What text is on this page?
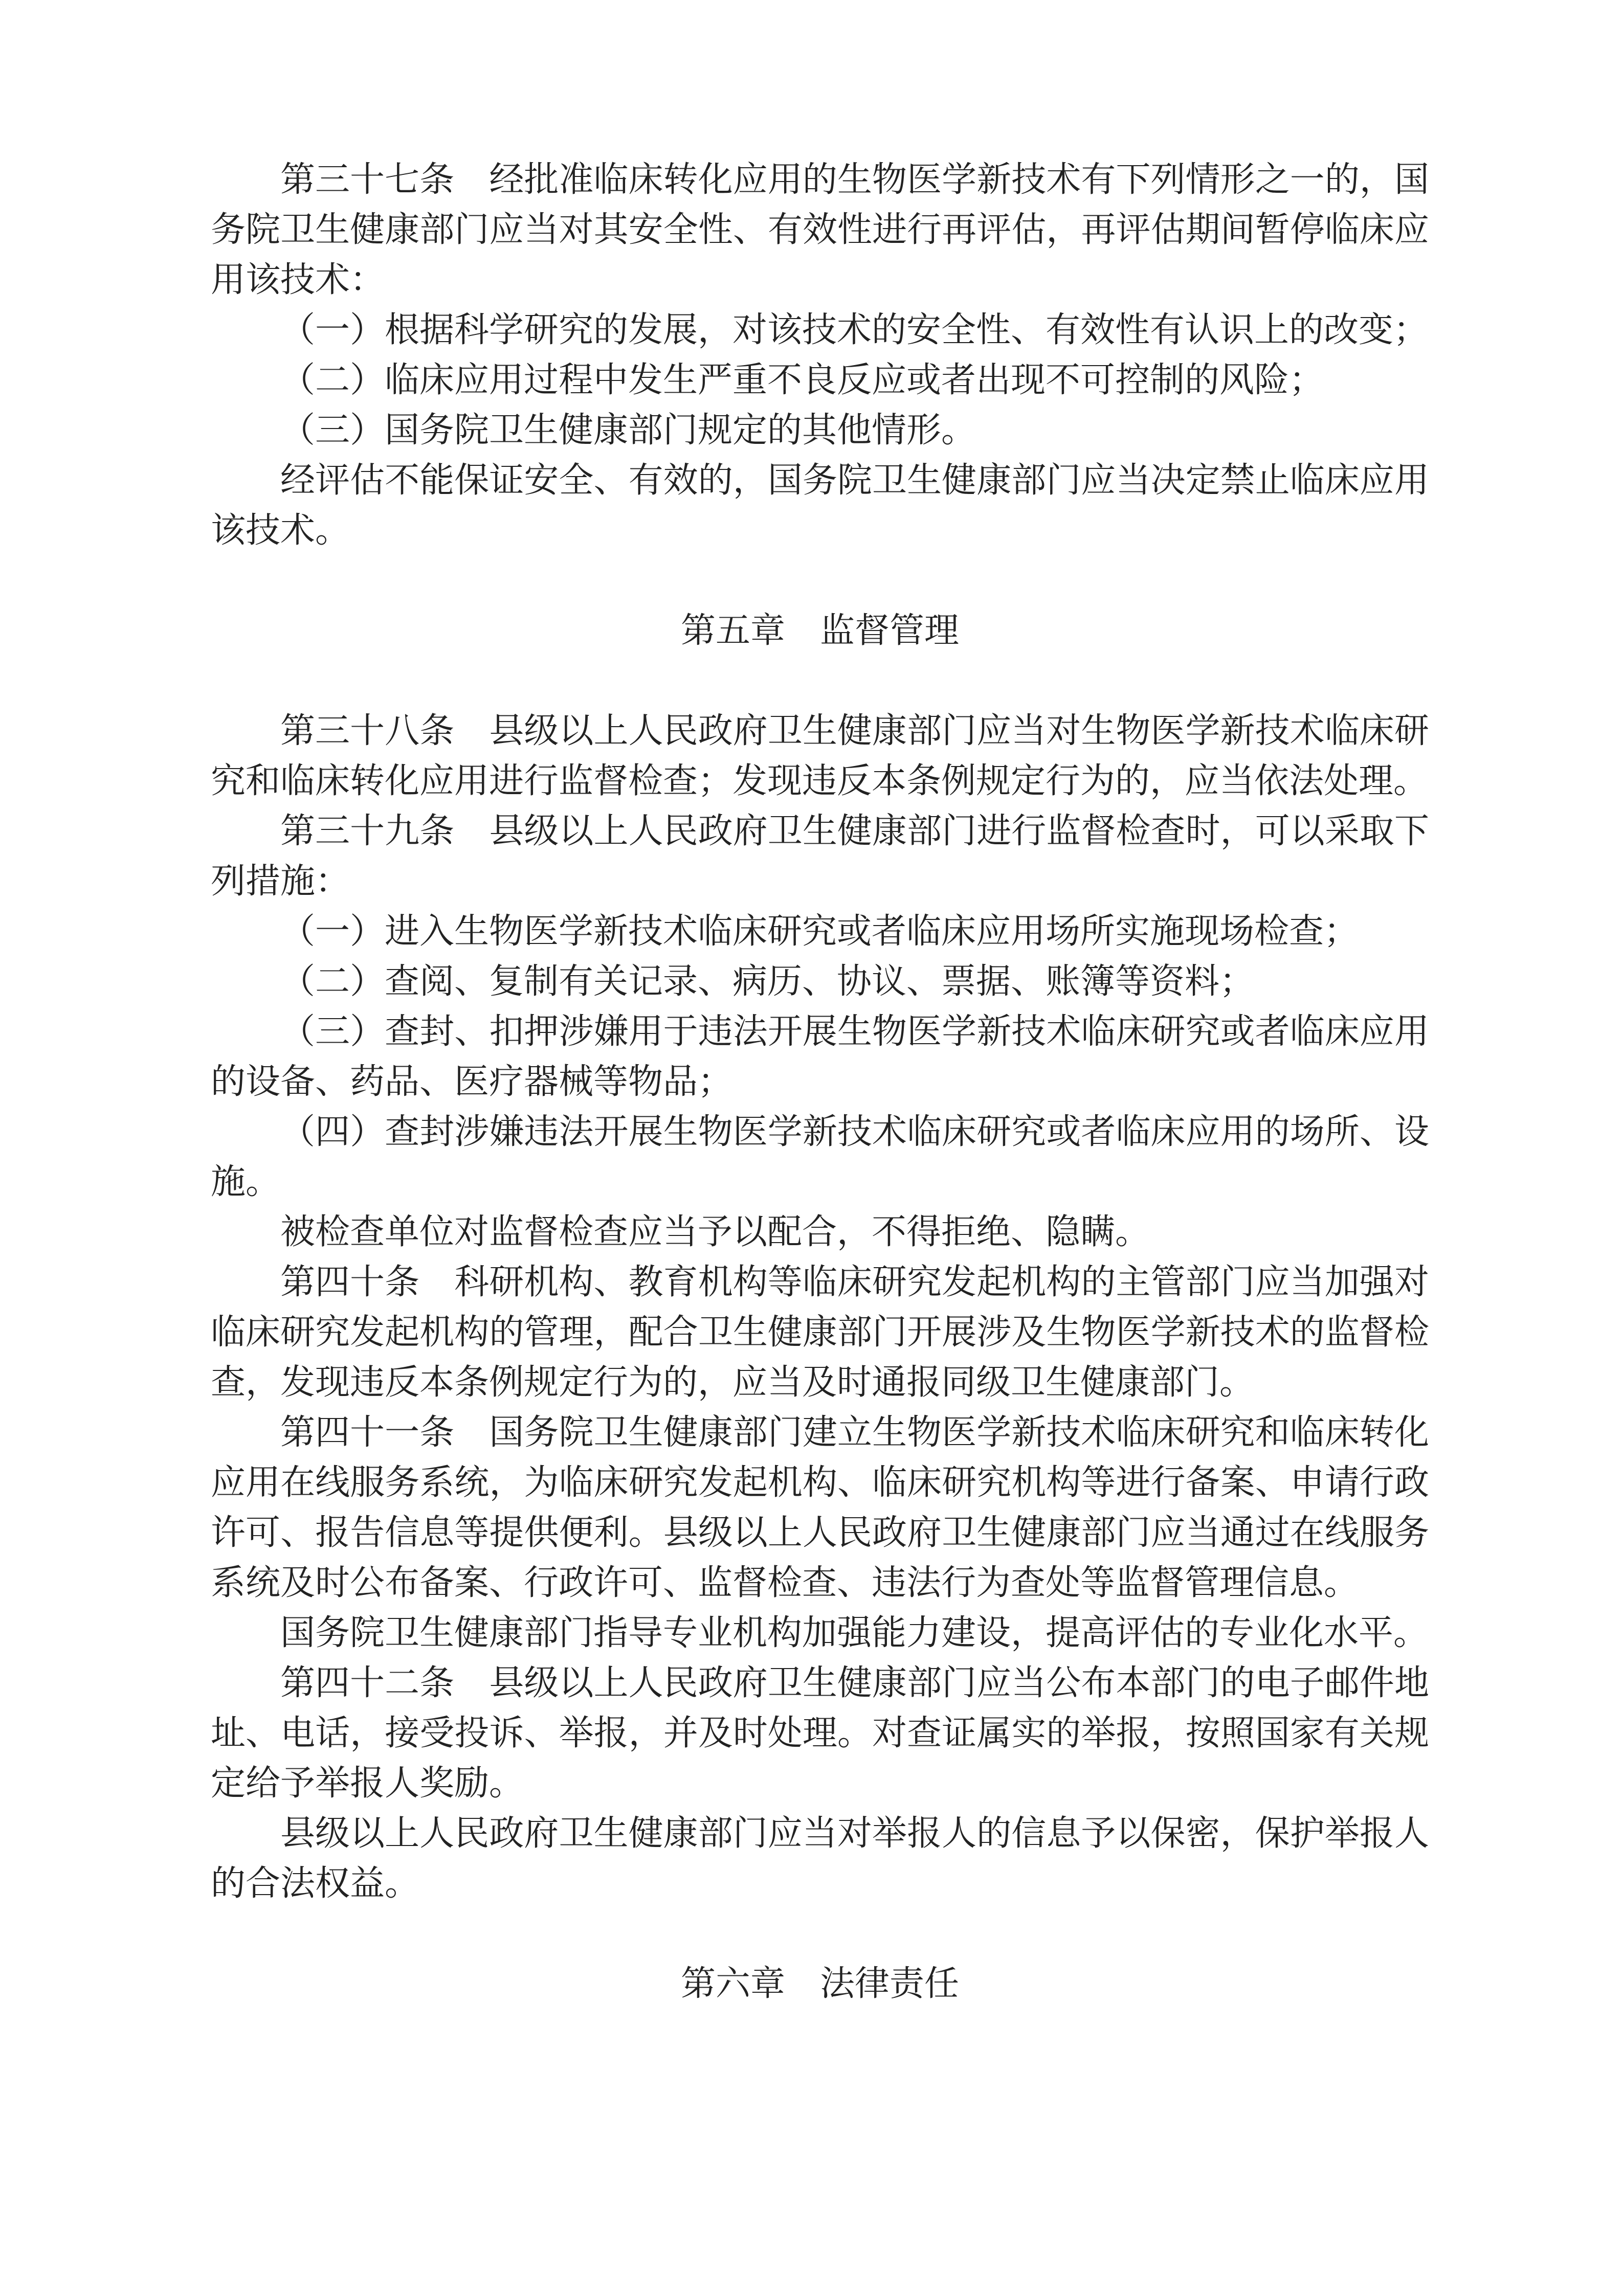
第三十七条　经批准临床转化应用的生物医学新技术有下列情形之一的，国务院卫生健康部门应当对其安全性、有效性进行再评估，再评估期间暂停临床应用该技术：

（一）根据科学研究的发展，对该技术的安全性、有效性有认识上的改变；

（二）临床应用过程中发生严重不良反应或者出现不可控制的风险；

（三）国务院卫生健康部门规定的其他情形。

经评估不能保证安全、有效的，国务院卫生健康部门应当决定禁止临床应用该技术。

第五章　监督管理

第三十八条　县级以上人民政府卫生健康部门应当对生物医学新技术临床研究和临床转化应用进行监督检查；发现违反本条例规定行为的，应当依法处理。

第三十九条　县级以上人民政府卫生健康部门进行监督检查时，可以采取下列措施：

（一）进入生物医学新技术临床研究或者临床应用场所实施现场检查；

（二）查阅、复制有关记录、病历、协议、票据、账簿等资料；

（三）查封、扣押涉嫌用于违法开展生物医学新技术临床研究或者临床应用的设备、药品、医疗器械等物品；

（四）查封涉嫌违法开展生物医学新技术临床研究或者临床应用的场所、设施。

被检查单位对监督检查应当予以配合，不得拒绝、隐瞒。

第四十条　科研机构、教育机构等临床研究发起机构的主管部门应当加强对临床研究发起机构的管理，配合卫生健康部门开展涉及生物医学新技术的监督检查，发现违反本条例规定行为的，应当及时通报同级卫生健康部门。

第四十一条　国务院卫生健康部门建立生物医学新技术临床研究和临床转化应用在线服务系统，为临床研究发起机构、临床研究机构等进行备案、申请行政许可、报告信息等提供便利。县级以上人民政府卫生健康部门应当通过在线服务系统及时公布备案、行政许可、监督检查、违法行为查处等监督管理信息。

国务院卫生健康部门指导专业机构加强能力建设，提高评估的专业化水平。

第四十二条　县级以上人民政府卫生健康部门应当公布本部门的电子邮件地址、电话，接受投诉、举报，并及时处理。对查证属实的举报，按照国家有关规定给予举报人奖励。

县级以上人民政府卫生健康部门应当对举报人的信息予以保密，保护举报人的合法权益。

第六章　法律责任
